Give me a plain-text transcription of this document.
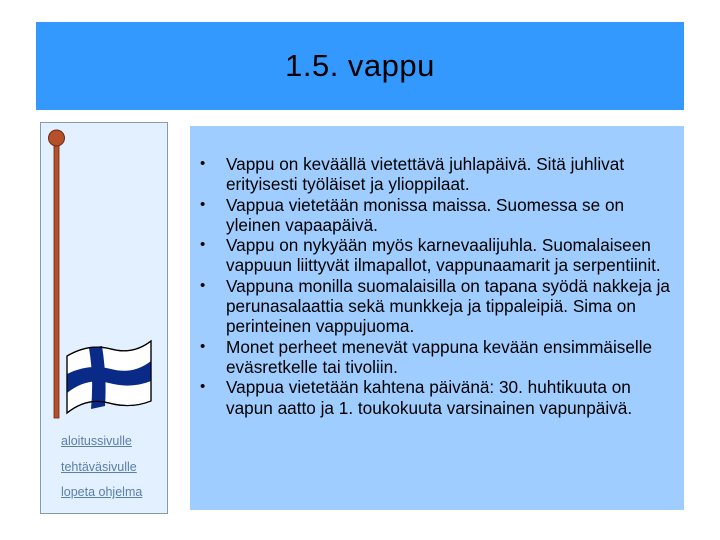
1.5. vappu
aloitussivulle
tehtäväsivulle
lopeta ohjelma
• Vappu on keväällä vietettävä juhlapäivä. Sitä juhlivat erityisesti työläiset ja ylioppilaat.
• Vappua vietetään monissa maissa. Suomessa se on yleinen vapaapäivä.
• Vappu on nykyään myös karnevaalijuhla. Suomalaiseen vappuun liittyvät ilmapallot, vappunaamarit ja serpentiinit.
• Vappuna monilla suomalaisilla on tapana syödä nakkeja ja perunasalaattia sekä munkkeja ja tippaleipiä. Sima on perinteinen vappujuoma.
• Monet perheet menevät vappuna kevään ensimmäiselle eväsretkelle tai tivoliin.
• Vappua vietetään kahtena päivänä: 30. huhtikuuta on vapun aatto ja 1. toukokuuta varsinainen vapunpäivä.
